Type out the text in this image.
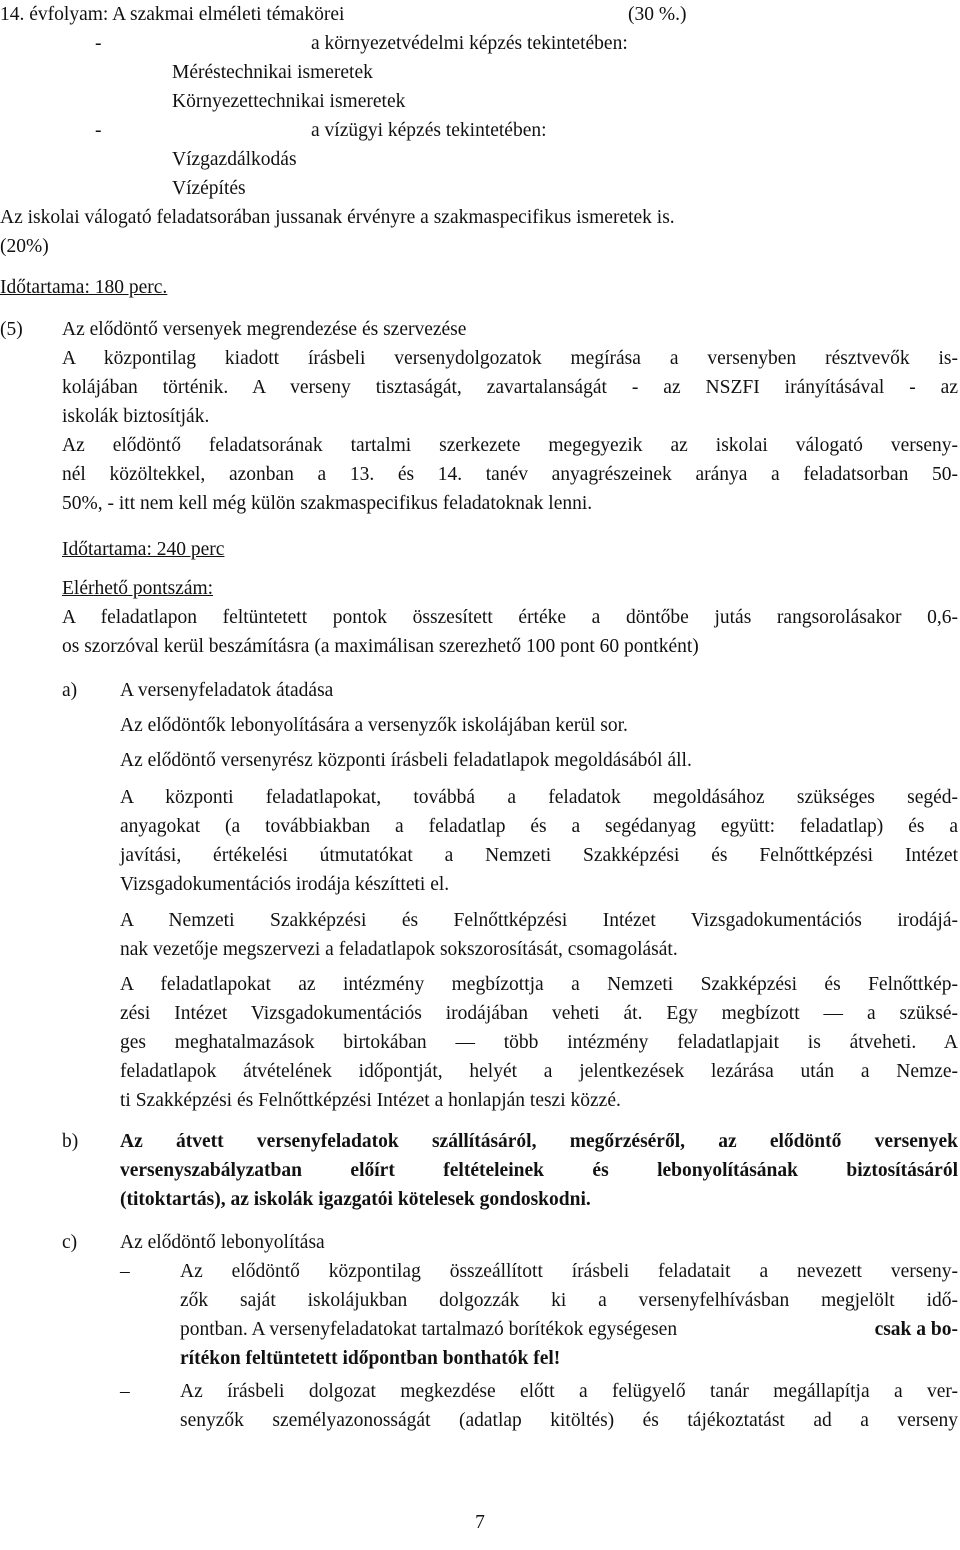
14. évfolyam: A szakmai elméleti témakörei	(30 %.)
-	a környezetvédelmi képzés tekintetében:
Méréstechnikai ismeretek
Környezettechnikai ismeretek
-	a vízügyi képzés tekintetében:
Vízgazdálkodás
Vízépítés
Az iskolai válogató feladatsorában jussanak érvényre a szakmaspecifikus ismeretek is.
(20%)
Időtartama: 180 perc.
(5) Az elődöntő versenyek megrendezése és szervezése
A központilag kiadott írásbeli versenydolgozatok megírása a versenyben résztvevők is-
kolájában történik. A verseny tisztaságát, zavartalanságát - az NSZFI irányításával - az
iskolák biztosítják.
Az elődöntő feladatsorának tartalmi szerkezete megegyezik az iskolai válogató verseny-
nél közöltekkel, azonban a 13. és 14. tanév anyagrészeinek aránya a feladatsorban 50-
50%, - itt nem kell még külön szakmaspecifikus feladatoknak lenni.
Időtartama: 240 perc
Elérhető pontszám:
A feladatlapon feltüntetett pontok összesített értéke a döntőbe jutás rangsorolásakor 0,6-
os szorzóval kerül beszámításra (a maximálisan szerezhető 100 pont 60 pontként)
a) A versenyfeladatok átadása
Az elődöntők lebonyolítására a versenyzők iskolájában kerül sor.
Az elődöntő versenyrész központi írásbeli feladatlapok megoldásából áll.
A központi feladatlapokat, továbbá a feladatok megoldásához szükséges segéd-
anyagokat (a továbbiakban a feladatlap és a segédanyag együtt: feladatlap) és a
javítási, értékelési útmutatókat a Nemzeti Szakképzési és Felnőttképzési Intézet
Vizsgadokumentációs irodája készítteti el.
A Nemzeti Szakképzési és Felnőttképzési Intézet Vizsgadokumentációs irodájá-
nak vezetője megszervezi a feladatlapok sokszorosítását, csomagolását.
A feladatlapokat az intézmény megbízottja a Nemzeti Szakképzési és Felnőttkép-
zési Intézet Vizsgadokumentációs irodájában veheti át. Egy megbízott — a szüksé-
ges meghatalmazások birtokában — több intézmény feladatlapjait is átveheti. A
feladatlapok átvételének időpontját, helyét a jelentkezések lezárása után a Nemze-
ti Szakképzési és Felnőttképzési Intézet a honlapján teszi közzé.
b) Az átvett versenyfeladatok szállításáról, megőrzéséről, az elődöntő versenyek
versenyszabályzatban előírt feltételeinek és lebonyolításának biztosításáról
(titoktartás), az iskolák igazgatói kötelesek gondoskodni.
c) Az elődöntő lebonyolítása
–	Az elődöntő központilag összeállított írásbeli feladatait a nevezett verseny-
zők saját iskolájukban dolgozzák ki a versenyfelhívásban megjelölt idő-
pontban. A versenyfeladatokat tartalmazó borítékok egységesen	csak a bo-
rítékon feltüntetett időpontban bonthatók fel!
–	Az írásbeli dolgozat megkezdése előtt a felügyelő tanár megállapítja a ver-
senyzők személyazonosságát (adatlap kitöltés) és tájékoztatást ad a verseny
7
